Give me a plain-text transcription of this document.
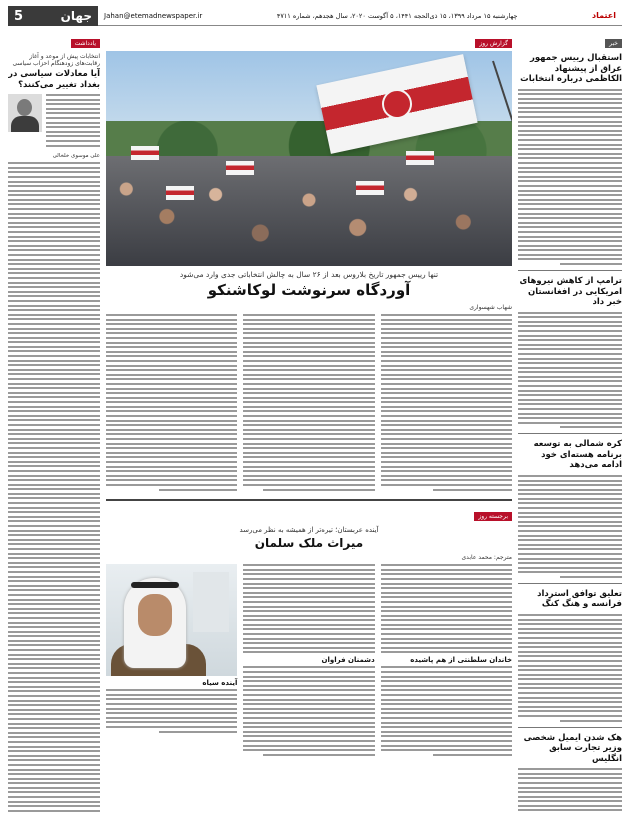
5	جهان Jahan@etemadnewspaper.ir	چهارشنبه ۱۵ مرداد ۱۳۹۹، ۱۵ ذی‌الحجه ۱۴۴۱، ۵ آگوست ۲۰۲۰، سال هجدهم، شماره ۴۷۱۱	اعتماد
خبر
استقبال رییس جمهور عراق از پیشنهاد الکاظمی درباره انتخابات
ترامپ از کاهش نیروهای امریکایی در افغانستان خبر داد
کره شمالی به توسعه برنامه هسته‌ای خود ادامه می‌دهد
تعلیق توافق استرداد فرانسه و هنگ کنگ
هک شدن ایمیل شخصی وزیر تجارت سابق انگلیس
یادداشت
انتخابات پیش از موعد و آغاز رقابت‌های زودهنگام احزاب سیاسی
آیا معادلات سیاسی در بغداد تغییر می‌کنند؟
علی موسوی خلخالی
گزارش روز
تنها رییس جمهور تاریخ بلاروس بعد از ۲۶ سال به چالش انتخاباتی جدی وارد می‌شود
آوردگاه سرنوشت لوکاشنکو
شهاب شهسواری
برجسته روز
آینده عربستان؛ تیره‌تر از همیشه به نظر می‌رسد
میراث ملک سلمان
مترجم: محمد عابدی
خاندان سلطنتی از هم پاشیده
دشمنان فراوان
آینده سیاه
